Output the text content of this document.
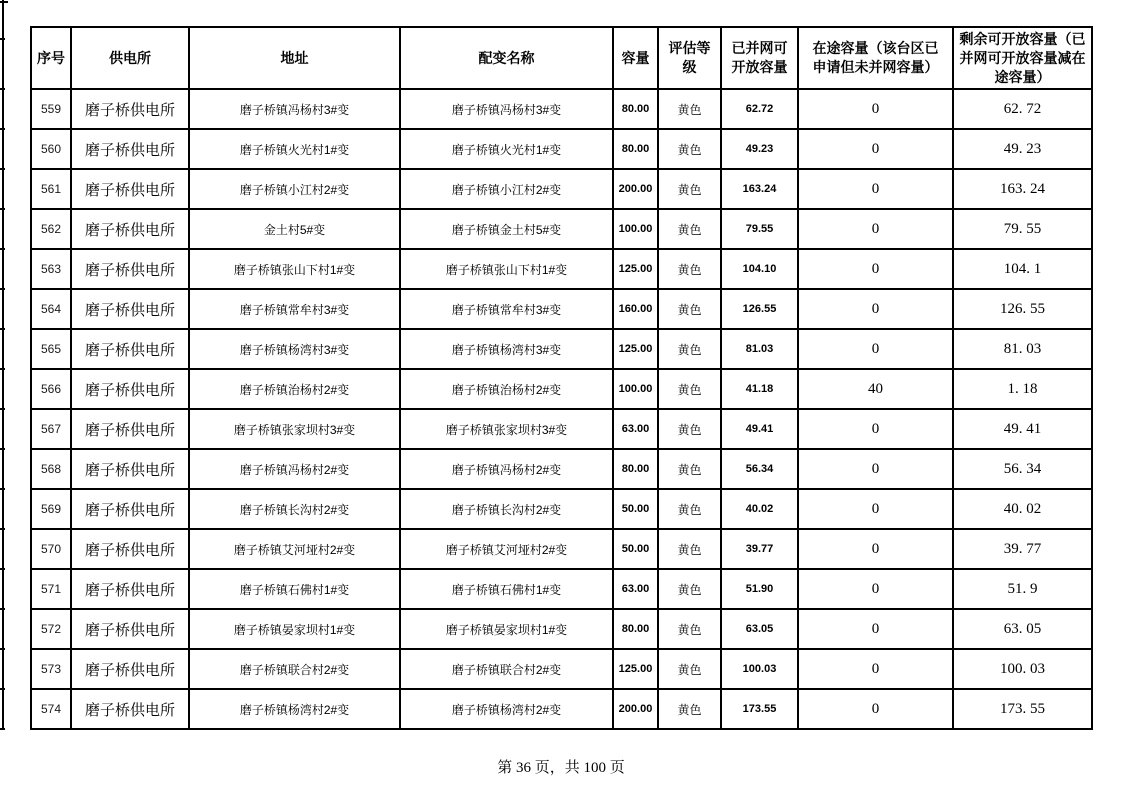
序号	供电所	地址	配变名称	容量	评估等级	已并网可开放容量	在途容量（该台区已申请但未并网容量）	剩余可开放容量（已并网可开放容量减在途容量）
559	磨子桥供电所	磨子桥镇冯杨村3#变	磨子桥镇冯杨村3#变	80.00	黄色	62.72	0	62. 72
560	磨子桥供电所	磨子桥镇火光村1#变	磨子桥镇火光村1#变	80.00	黄色	49.23	0	49. 23
561	磨子桥供电所	磨子桥镇小江村2#变	磨子桥镇小江村2#变	200.00	黄色	163.24	0	163. 24
562	磨子桥供电所	金土村5#变	磨子桥镇金土村5#变	100.00	黄色	79.55	0	79. 55
563	磨子桥供电所	磨子桥镇张山下村1#变	磨子桥镇张山下村1#变	125.00	黄色	104.10	0	104. 1
564	磨子桥供电所	磨子桥镇常牟村3#变	磨子桥镇常牟村3#变	160.00	黄色	126.55	0	126. 55
565	磨子桥供电所	磨子桥镇杨湾村3#变	磨子桥镇杨湾村3#变	125.00	黄色	81.03	0	81. 03
566	磨子桥供电所	磨子桥镇治杨村2#变	磨子桥镇治杨村2#变	100.00	黄色	41.18	40	1. 18
567	磨子桥供电所	磨子桥镇张家坝村3#变	磨子桥镇张家坝村3#变	63.00	黄色	49.41	0	49. 41
568	磨子桥供电所	磨子桥镇冯杨村2#变	磨子桥镇冯杨村2#变	80.00	黄色	56.34	0	56. 34
569	磨子桥供电所	磨子桥镇长沟村2#变	磨子桥镇长沟村2#变	50.00	黄色	40.02	0	40. 02
570	磨子桥供电所	磨子桥镇艾河垭村2#变	磨子桥镇艾河垭村2#变	50.00	黄色	39.77	0	39. 77
571	磨子桥供电所	磨子桥镇石佛村1#变	磨子桥镇石佛村1#变	63.00	黄色	51.90	0	51. 9
572	磨子桥供电所	磨子桥镇晏家坝村1#变	磨子桥镇晏家坝村1#变	80.00	黄色	63.05	0	63. 05
573	磨子桥供电所	磨子桥镇联合村2#变	磨子桥镇联合村2#变	125.00	黄色	100.03	0	100. 03
574	磨子桥供电所	磨子桥镇杨湾村2#变	磨子桥镇杨湾村2#变	200.00	黄色	173.55	0	173. 55
第 36 页，共 100 页
